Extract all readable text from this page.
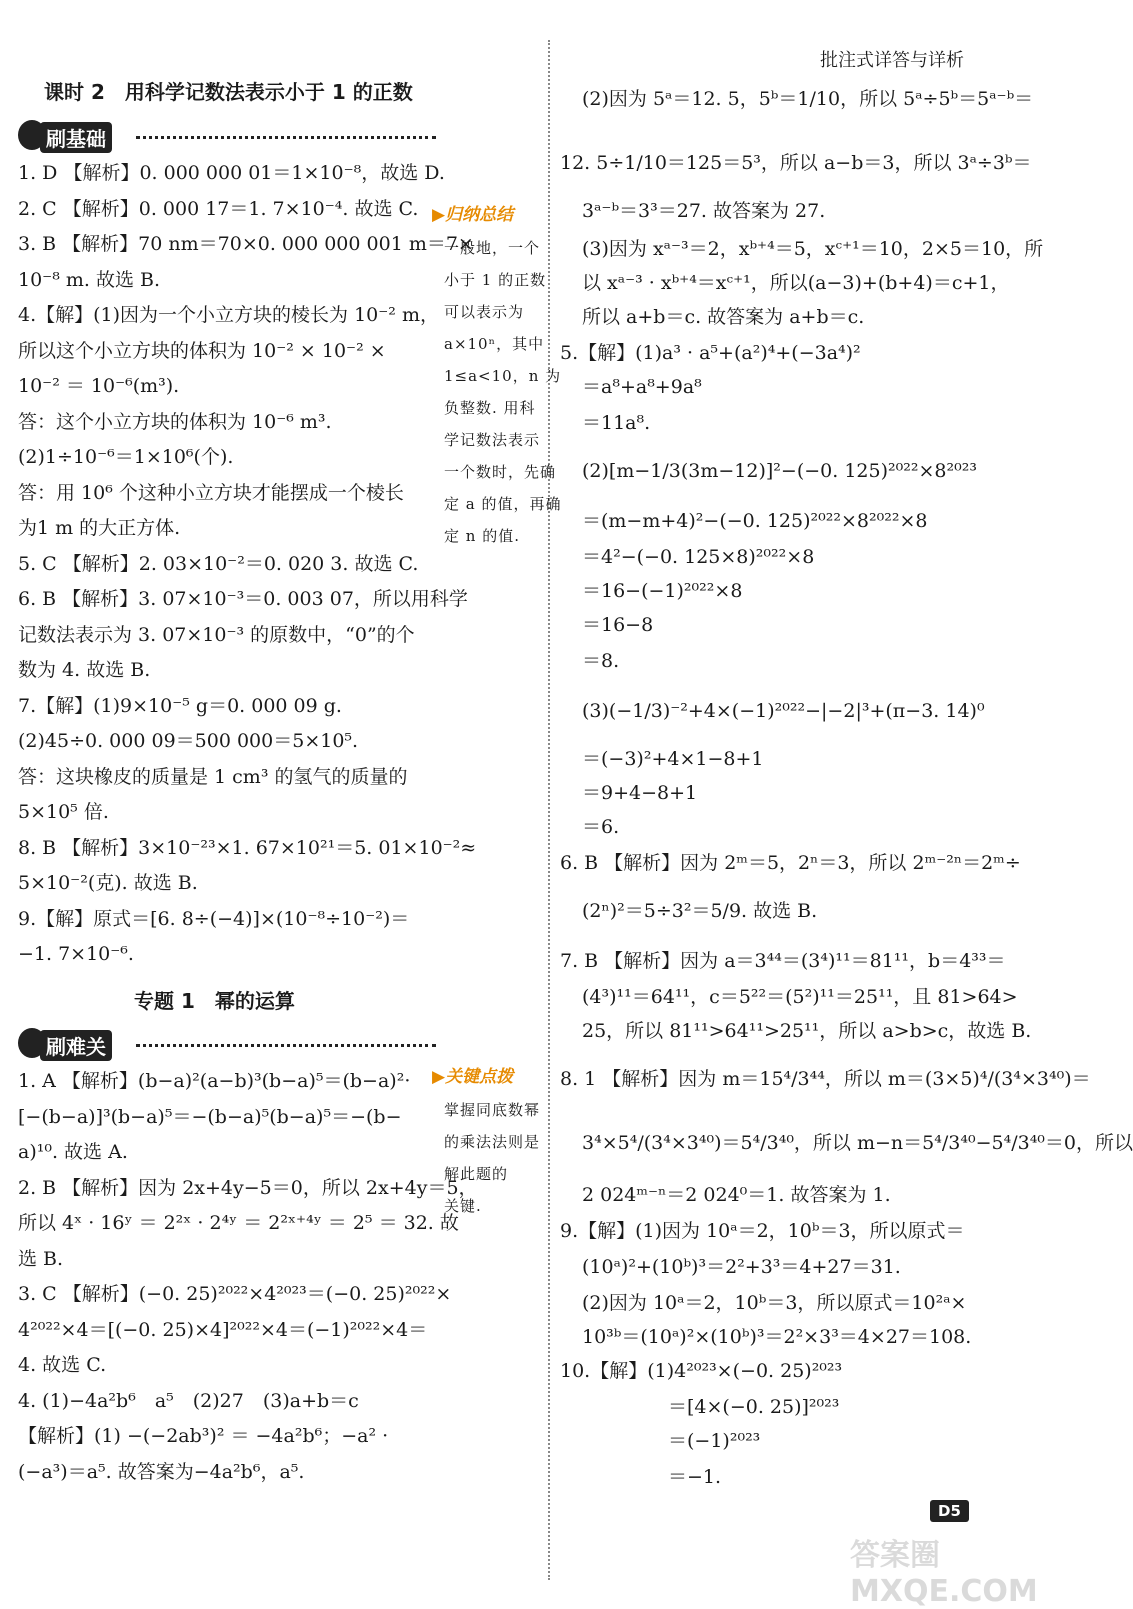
批注式详答与详析
课时 2　用科学记数法表示小于 1 的正数
刷基础
1. D 【解析】0. 000 000 01＝1×10⁻⁸，故选 D.
2. C 【解析】0. 000 17＝1. 7×10⁻⁴. 故选 C.
3. B 【解析】70 nm＝70×0. 000 000 001 m＝7×
10⁻⁸ m. 故选 B.
4.【解】(1)因为一个小立方块的棱长为 10⁻² m，
所以这个小立方块的体积为 10⁻² × 10⁻² ×
10⁻² ＝ 10⁻⁶(m³).
答：这个小立方块的体积为 10⁻⁶ m³.
(2)1÷10⁻⁶＝1×10⁶(个).
答：用 10⁶ 个这种小立方块才能摆成一个棱长
为1 m 的大正方体.
5. C 【解析】2. 03×10⁻²＝0. 020 3. 故选 C.
6. B 【解析】3. 07×10⁻³＝0. 003 07，所以用科学
记数法表示为 3. 07×10⁻³ 的原数中，“0”的个
数为 4. 故选 B.
7.【解】(1)9×10⁻⁵ g＝0. 000 09 g.
(2)45÷0. 000 09＝500 000＝5×10⁵.
答：这块橡皮的质量是 1 cm³ 的氢气的质量的
5×10⁵ 倍.
8. B 【解析】3×10⁻²³×1. 67×10²¹＝5. 01×10⁻²≈
5×10⁻²(克). 故选 B.
9.【解】原式＝[6. 8÷(−4)]×(10⁻⁸÷10⁻²)＝
−1. 7×10⁻⁶.
专题 1　幂的运算
刷难关
1. A 【解析】(b−a)²(a−b)³(b−a)⁵＝(b−a)²·
[−(b−a)]³(b−a)⁵＝−(b−a)⁵(b−a)⁵＝−(b−
a)¹⁰. 故选 A.
2. B 【解析】因为 2x+4y−5＝0，所以 2x+4y＝5，
所以 4ˣ · 16ʸ ＝ 2²ˣ · 2⁴ʸ ＝ 2²ˣ⁺⁴ʸ ＝ 2⁵ ＝ 32. 故
选 B.
3. C 【解析】(−0. 25)²⁰²²×4²⁰²³＝(−0. 25)²⁰²²×
4²⁰²²×4＝[(−0. 25)×4]²⁰²²×4＝(−1)²⁰²²×4＝
4. 故选 C.
4. (1)−4a²b⁶　a⁵　(2)27　(3)a+b＝c
【解析】(1) −(−2ab³)² ＝ −4a²b⁶；−a² ·
(−a³)＝a⁵. 故答案为−4a²b⁶，a⁵.
▶归纳总结
一般地，一个
小于 1 的正数
可以表示为
a×10ⁿ，其中
1≤a<10，n 为
负整数. 用科
学记数法表示
一个数时，先确
定 a 的值，再确
定 n 的值.
▶关键点拨
掌握同底数幂
的乘法法则是
解此题的
关键.
(2)因为 5ᵃ＝12. 5，5ᵇ＝1/10，所以 5ᵃ÷5ᵇ＝5ᵃ⁻ᵇ＝
12. 5÷1/10＝125＝5³，所以 a−b＝3，所以 3ᵃ÷3ᵇ＝
3ᵃ⁻ᵇ＝3³＝27. 故答案为 27.
(3)因为 xᵃ⁻³＝2，xᵇ⁺⁴＝5，xᶜ⁺¹＝10，2×5＝10，所
以 xᵃ⁻³ · xᵇ⁺⁴＝xᶜ⁺¹，所以(a−3)+(b+4)＝c+1，
所以 a+b＝c. 故答案为 a+b＝c.
5.【解】(1)a³ · a⁵+(a²)⁴+(−3a⁴)²
＝a⁸+a⁸+9a⁸
＝11a⁸.
(2)[m−1/3(3m−12)]²−(−0. 125)²⁰²²×8²⁰²³
＝(m−m+4)²−(−0. 125)²⁰²²×8²⁰²²×8
＝4²−(−0. 125×8)²⁰²²×8
＝16−(−1)²⁰²²×8
＝16−8
＝8.
(3)(−1/3)⁻²+4×(−1)²⁰²²−|−2|³+(π−3. 14)⁰
＝(−3)²+4×1−8+1
＝9+4−8+1
＝6.
6. B 【解析】因为 2ᵐ＝5，2ⁿ＝3，所以 2ᵐ⁻²ⁿ＝2ᵐ÷
(2ⁿ)²＝5÷3²＝5/9. 故选 B.
7. B 【解析】因为 a＝3⁴⁴＝(3⁴)¹¹＝81¹¹，b＝4³³＝
(4³)¹¹＝64¹¹，c＝5²²＝(5²)¹¹＝25¹¹，且 81>64>
25，所以 81¹¹>64¹¹>25¹¹，所以 a>b>c，故选 B.
8. 1 【解析】因为 m＝15⁴/3⁴⁴，所以 m＝(3×5)⁴/(3⁴×3⁴⁰)＝
3⁴×5⁴/(3⁴×3⁴⁰)＝5⁴/3⁴⁰，所以 m−n＝5⁴/3⁴⁰−5⁴/3⁴⁰＝0，所以
2 024ᵐ⁻ⁿ＝2 024⁰＝1. 故答案为 1.
9.【解】(1)因为 10ᵃ＝2，10ᵇ＝3，所以原式＝
(10ᵃ)²+(10ᵇ)³＝2²+3³＝4+27＝31.
(2)因为 10ᵃ＝2，10ᵇ＝3，所以原式＝10²ᵃ×
10³ᵇ＝(10ᵃ)²×(10ᵇ)³＝2²×3³＝4×27＝108.
10.【解】(1)4²⁰²³×(−0. 25)²⁰²³
＝[4×(−0. 25)]²⁰²³
＝(−1)²⁰²³
＝−1.
D5
答案圈 MXQE.COM
